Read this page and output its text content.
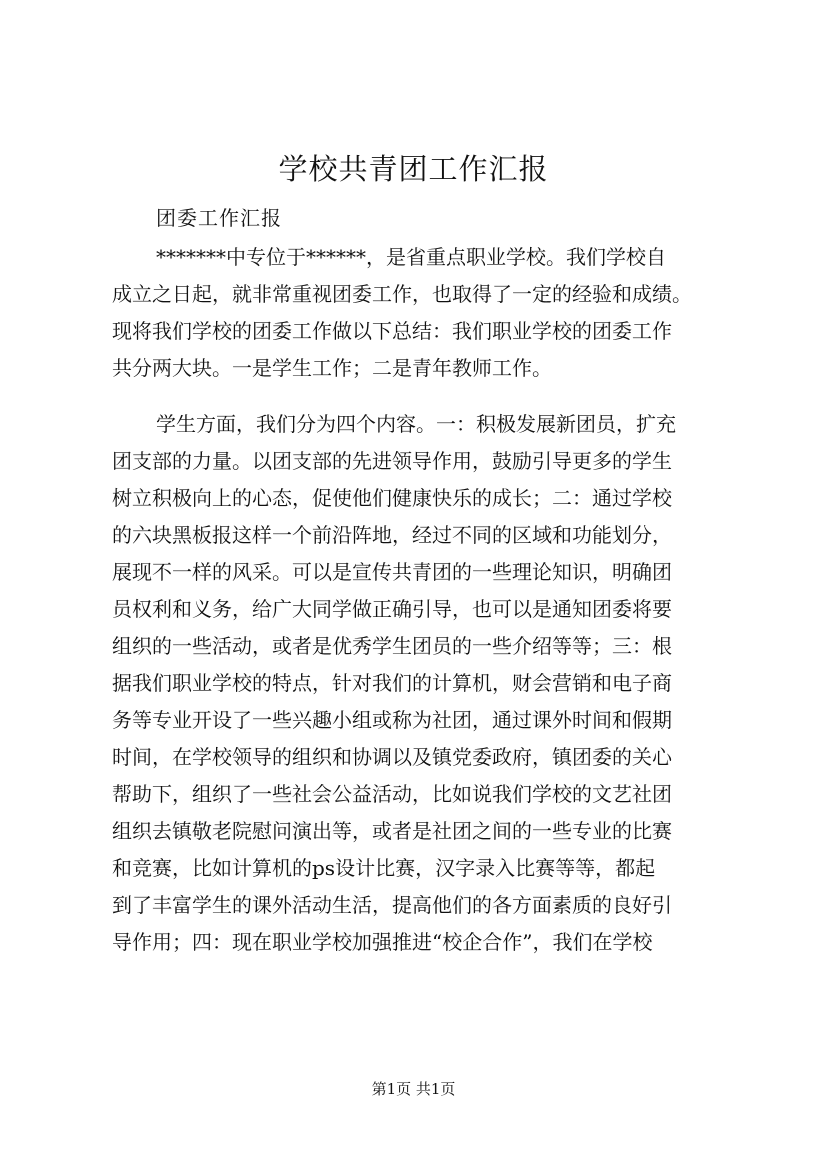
学校共青团工作汇报
团委工作汇报
*******中专位于******，是省重点职业学校。我们学校自
成立之日起，就非常重视团委工作，也取得了一定的经验和成绩。
现将我们学校的团委工作做以下总结：我们职业学校的团委工作
共分两大块。一是学生工作；二是青年教师工作。
学生方面，我们分为四个内容。一：积极发展新团员，扩充
团支部的力量。以团支部的先进领导作用，鼓励引导更多的学生
树立积极向上的心态，促使他们健康快乐的成长；二：通过学校
的六块黑板报这样一个前沿阵地，经过不同的区域和功能划分，
展现不一样的风采。可以是宣传共青团的一些理论知识，明确团
员权利和义务，给广大同学做正确引导，也可以是通知团委将要
组织的一些活动，或者是优秀学生团员的一些介绍等等；三：根
据我们职业学校的特点，针对我们的计算机，财会营销和电子商
务等专业开设了一些兴趣小组或称为社团，通过课外时间和假期
时间，在学校领导的组织和协调以及镇党委政府，镇团委的关心
帮助下，组织了一些社会公益活动，比如说我们学校的文艺社团
组织去镇敬老院慰问演出等，或者是社团之间的一些专业的比赛
和竞赛，比如计算机的ps设计比赛，汉字录入比赛等等，都起
到了丰富学生的课外活动生活，提高他们的各方面素质的良好引
导作用；四：现在职业学校加强推进“校企合作”，我们在学校
第1页 共1页
